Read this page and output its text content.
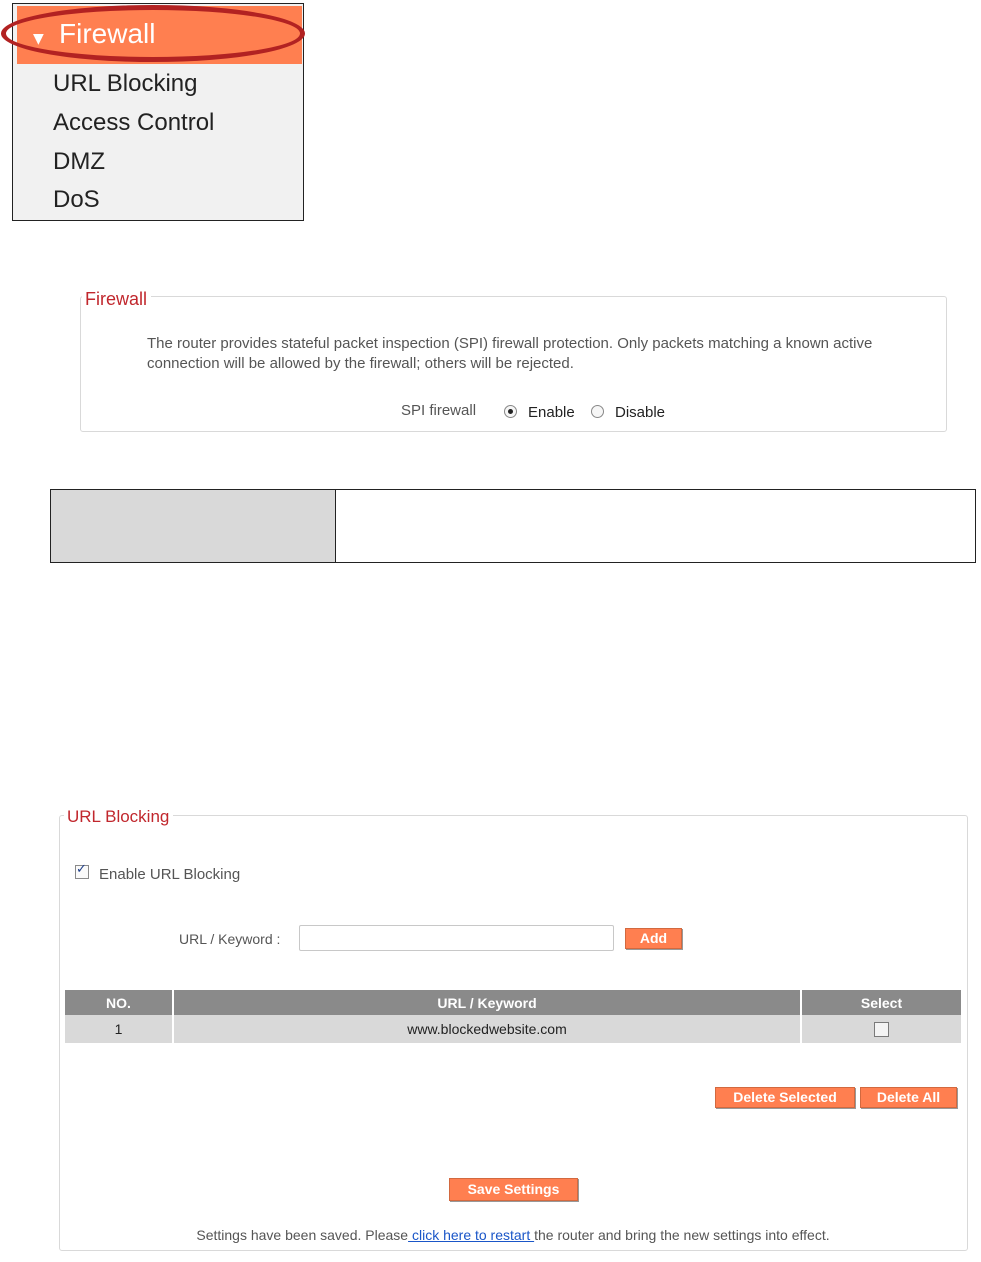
▼ Firewall
URL Blocking
Access Control
DMZ
DoS
Firewall
The router provides stateful packet inspection (SPI) firewall protection. Only packets matching a known active connection will be allowed by the firewall; others will be rejected.
SPI firewall	Enable	Disable
URL Blocking
✓ Enable URL Blocking
URL / Keyword :	Add
NO.	URL / Keyword	Select
1	www.blockedwebsite.com	
Delete Selected	Delete All
Save Settings
Settings have been saved. Please click here to restart the router and bring the new settings into effect.
